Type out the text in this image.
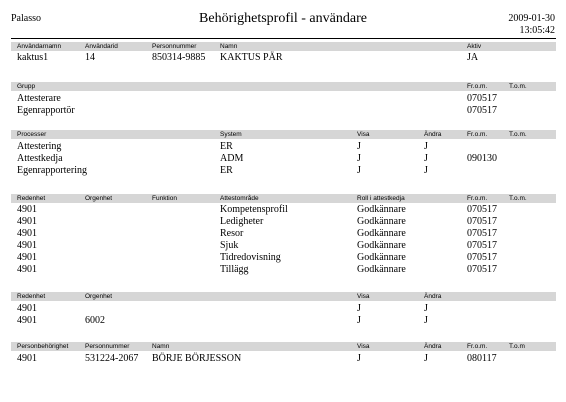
Palasso	Behörighetsprofil - användare	2009-01-30
13:05:42
Användarnamn	Användarid	Personnummer	Namn	Aktiv
kaktus1	14	850314-9885 KAKTUS PÄR	JA
Grupp	Fr.o.m.	T.o.m.
Attesterare	070517
Egenrapportör	070517
Processer	System	Visa	Ändra	Fr.o.m.	T.o.m.
Attestering	ER	J	J
Attestkedja	ADM	J	J	090130
Egenrapportering	ER	J	J
Redenhet	Orgenhet	Funktion	Attestområde	Roll i attestkedja	Fr.o.m.	T.o.m.
4901	Kompetensprofil	Godkännare	070517
4901	Ledigheter	Godkännare	070517
4901	Resor	Godkännare	070517
4901	Sjuk	Godkännare	070517
4901	Tidredovisning	Godkännare	070517
4901	Tillägg	Godkännare	070517
Redenhet	Orgenhet	Visa	Ändra
4901	J	J
4901	6002	J	J
Personbehörighet	Personnummer	Namn	Visa	Ändra	Fr.o.m.	T.o.m
4901	531224-2067 BÖRJE BÖRJESSON	J	J	080117
